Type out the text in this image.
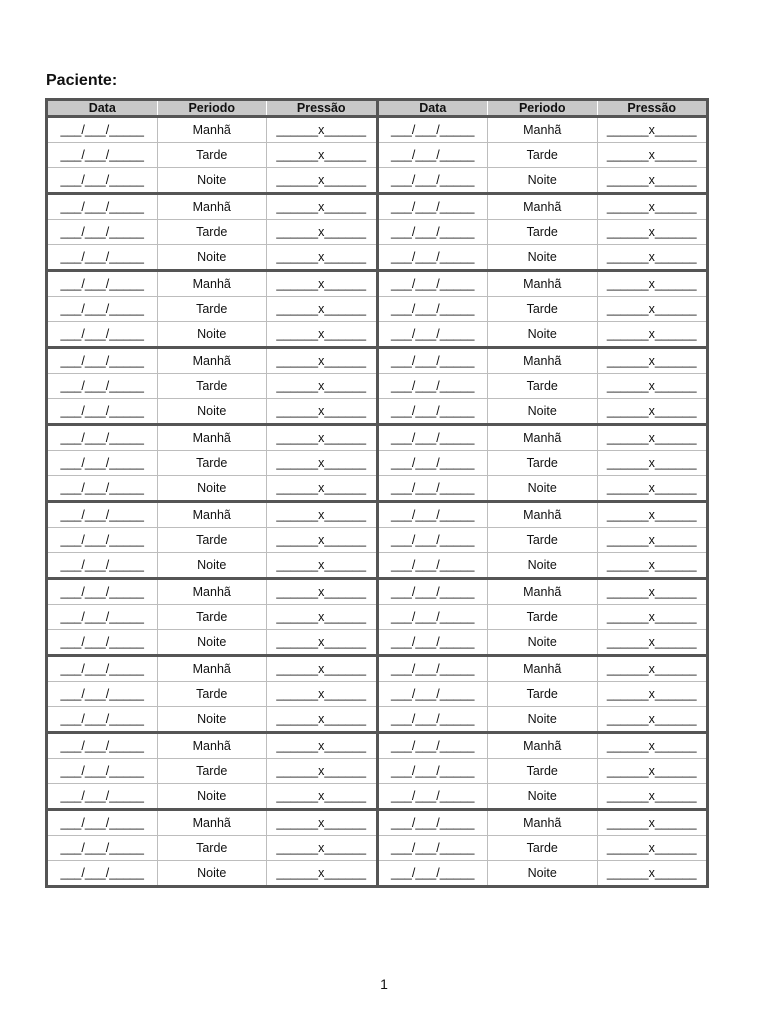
Paciente:
Data	Periodo	Pressão
___/___/_____	Manhã	______x______
___/___/_____	Tarde	______x______
___/___/_____	Noite	______x______
___/___/_____	Manhã	______x______
___/___/_____	Tarde	______x______
___/___/_____	Noite	______x______
___/___/_____	Manhã	______x______
___/___/_____	Tarde	______x______
___/___/_____	Noite	______x______
___/___/_____	Manhã	______x______
___/___/_____	Tarde	______x______
___/___/_____	Noite	______x______
___/___/_____	Manhã	______x______
___/___/_____	Tarde	______x______
___/___/_____	Noite	______x______
___/___/_____	Manhã	______x______
___/___/_____	Tarde	______x______
___/___/_____	Noite	______x______
___/___/_____	Manhã	______x______
___/___/_____	Tarde	______x______
___/___/_____	Noite	______x______
___/___/_____	Manhã	______x______
___/___/_____	Tarde	______x______
___/___/_____	Noite	______x______
___/___/_____	Manhã	______x______
___/___/_____	Tarde	______x______
___/___/_____	Noite	______x______
___/___/_____	Manhã	______x______
___/___/_____	Tarde	______x______
___/___/_____	Noite	______x______
Data	Periodo	Pressão
___/___/_____	Manhã	______x______
___/___/_____	Tarde	______x______
___/___/_____	Noite	______x______
___/___/_____	Manhã	______x______
___/___/_____	Tarde	______x______
___/___/_____	Noite	______x______
___/___/_____	Manhã	______x______
___/___/_____	Tarde	______x______
___/___/_____	Noite	______x______
___/___/_____	Manhã	______x______
___/___/_____	Tarde	______x______
___/___/_____	Noite	______x______
___/___/_____	Manhã	______x______
___/___/_____	Tarde	______x______
___/___/_____	Noite	______x______
___/___/_____	Manhã	______x______
___/___/_____	Tarde	______x______
___/___/_____	Noite	______x______
___/___/_____	Manhã	______x______
___/___/_____	Tarde	______x______
___/___/_____	Noite	______x______
___/___/_____	Manhã	______x______
___/___/_____	Tarde	______x______
___/___/_____	Noite	______x______
___/___/_____	Manhã	______x______
___/___/_____	Tarde	______x______
___/___/_____	Noite	______x______
___/___/_____	Manhã	______x______
___/___/_____	Tarde	______x______
___/___/_____	Noite	______x______
1
